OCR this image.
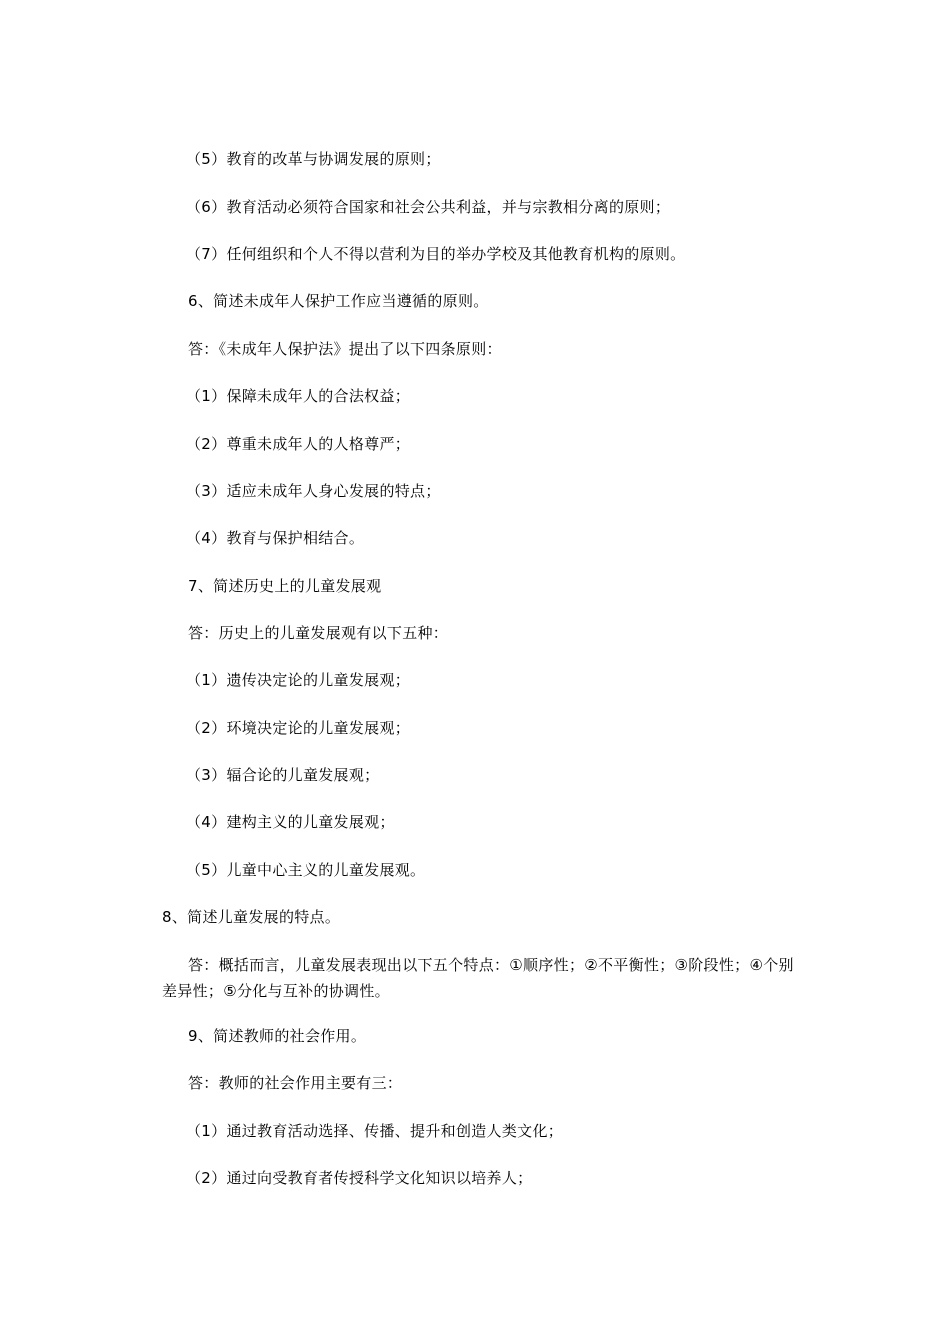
（5）教育的改革与协调发展的原则；
（6）教育活动必须符合国家和社会公共利益，并与宗教相分离的原则；
（7）任何组织和个人不得以营利为目的举办学校及其他教育机构的原则。
6、简述未成年人保护工作应当遵循的原则。
答：《未成年人保护法》提出了以下四条原则：
（1）保障未成年人的合法权益；
（2）尊重未成年人的人格尊严；
（3）适应未成年人身心发展的特点；
（4）教育与保护相结合。
7、简述历史上的儿童发展观
答：历史上的儿童发展观有以下五种：
（1）遗传决定论的儿童发展观；
（2）环境决定论的儿童发展观；
（3）辐合论的儿童发展观；
（4）建构主义的儿童发展观；
（5）儿童中心主义的儿童发展观。
8、简述儿童发展的特点。
答：概括而言，儿童发展表现出以下五个特点：①顺序性；②不平衡性；③阶段性；④个别差异性；⑤分化与互补的协调性。
9、简述教师的社会作用。
答：教师的社会作用主要有三：
（1）通过教育活动选择、传播、提升和创造人类文化；
（2）通过向受教育者传授科学文化知识以培养人；
